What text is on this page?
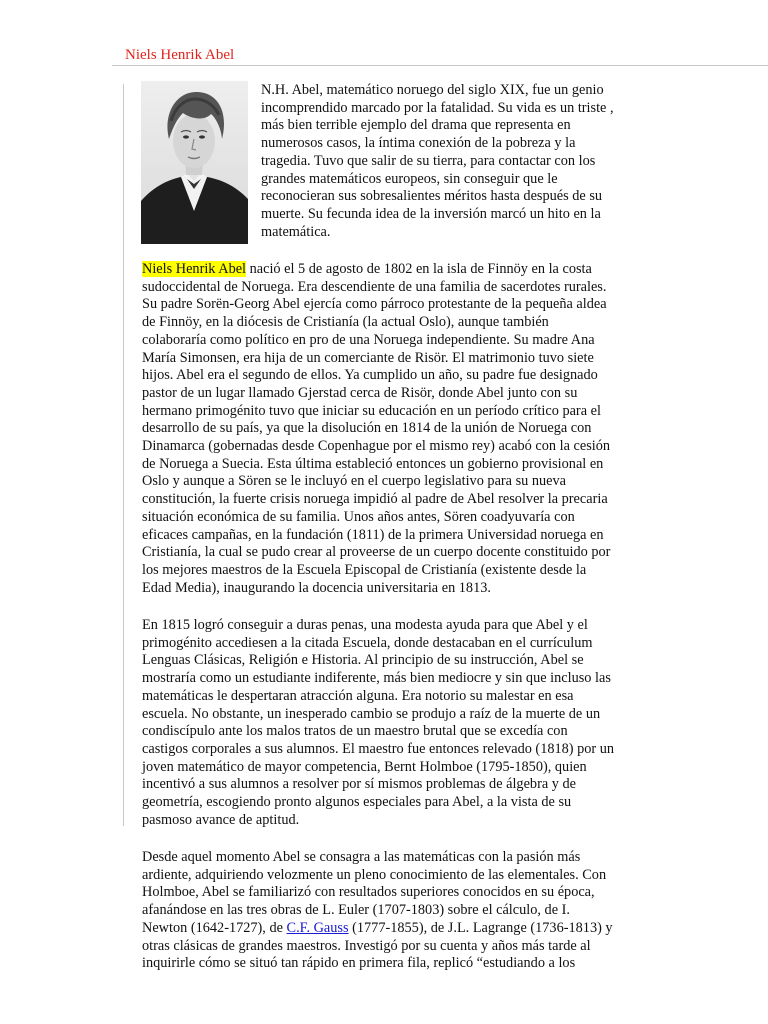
Niels Henrik Abel
N.H. Abel, matemático noruego del siglo XIX, fue un genio
incomprendido marcado por la fatalidad. Su vida es un triste ,
más bien terrible ejemplo del drama que representa en
numerosos casos, la íntima conexión de la pobreza y la
tragedia. Tuvo que salir de su tierra, para contactar con los
grandes matemáticos europeos, sin conseguir que le
reconocieran sus sobresalientes méritos hasta después de su
muerte. Su fecunda idea de la inversión marcó un hito en la
matemática.
Niels Henrik Abel nació el 5 de agosto de 1802 en la isla de Finnöy en la costa
sudoccidental de Noruega. Era descendiente de una familia de sacerdotes rurales.
Su padre Sorën-Georg Abel ejercía como párroco protestante de la pequeña aldea
de Finnöy, en la diócesis de Cristianía (la actual Oslo), aunque también
colaboraría como político en pro de una Noruega independiente. Su madre Ana
María Simonsen, era hija de un comerciante de Risör. El matrimonio tuvo siete
hijos. Abel era el segundo de ellos. Ya cumplido un año, su padre fue designado
pastor de un lugar llamado Gjerstad cerca de Risör, donde Abel junto con su
hermano primogénito tuvo que iniciar su educación en un período crítico para el
desarrollo de su país, ya que la disolución en 1814 de la unión de Noruega con
Dinamarca (gobernadas desde Copenhague por el mismo rey) acabó con la cesión
de Noruega a Suecia. Esta última estableció entonces un gobierno provisional en
Oslo y aunque a Sören se le incluyó en el cuerpo legislativo para su nueva
constitución, la fuerte crisis noruega impidió al padre de Abel resolver la precaria
situación económica de su familia. Unos años antes, Sören coadyuvaría con
eficaces campañas, en la fundación (1811) de la primera Universidad noruega en
Cristianía, la cual se pudo crear al proveerse de un cuerpo docente constituido por
los mejores maestros de la Escuela Episcopal de Cristianía (existente desde la
Edad Media), inaugurando la docencia universitaria en 1813.
En 1815 logró conseguir a duras penas, una modesta ayuda para que Abel y el
primogénito accediesen a la citada Escuela, donde destacaban en el currículum
Lenguas Clásicas, Religión e Historia. Al principio de su instrucción, Abel se
mostraría como un estudiante indiferente, más bien mediocre y sin que incluso las
matemáticas le despertaran atracción alguna. Era notorio su malestar en esa
escuela. No obstante, un inesperado cambio se produjo a raíz de la muerte de un
condiscípulo ante los malos tratos de un maestro brutal que se excedía con
castigos corporales a sus alumnos. El maestro fue entonces relevado (1818) por un
joven matemático de mayor competencia, Bernt Holmboe (1795-1850), quien
incentivó a sus alumnos a resolver por sí mismos problemas de álgebra y de
geometría, escogiendo pronto algunos especiales para Abel, a la vista de su
pasmoso avance de aptitud.
Desde aquel momento Abel se consagra a las matemáticas con la pasión más
ardiente, adquiriendo velozmente un pleno conocimiento de las elementales. Con
Holmboe, Abel se familiarizó con resultados superiores conocidos en su época,
afanándose en las tres obras de L. Euler (1707-1803) sobre el cálculo, de I.
Newton (1642-1727), de C.F. Gauss (1777-1855), de J.L. Lagrange (1736-1813) y
otras clásicas de grandes maestros. Investigó por su cuenta y años más tarde al
inquirirle cómo se situó tan rápido en primera fila, replicó “estudiando a los
